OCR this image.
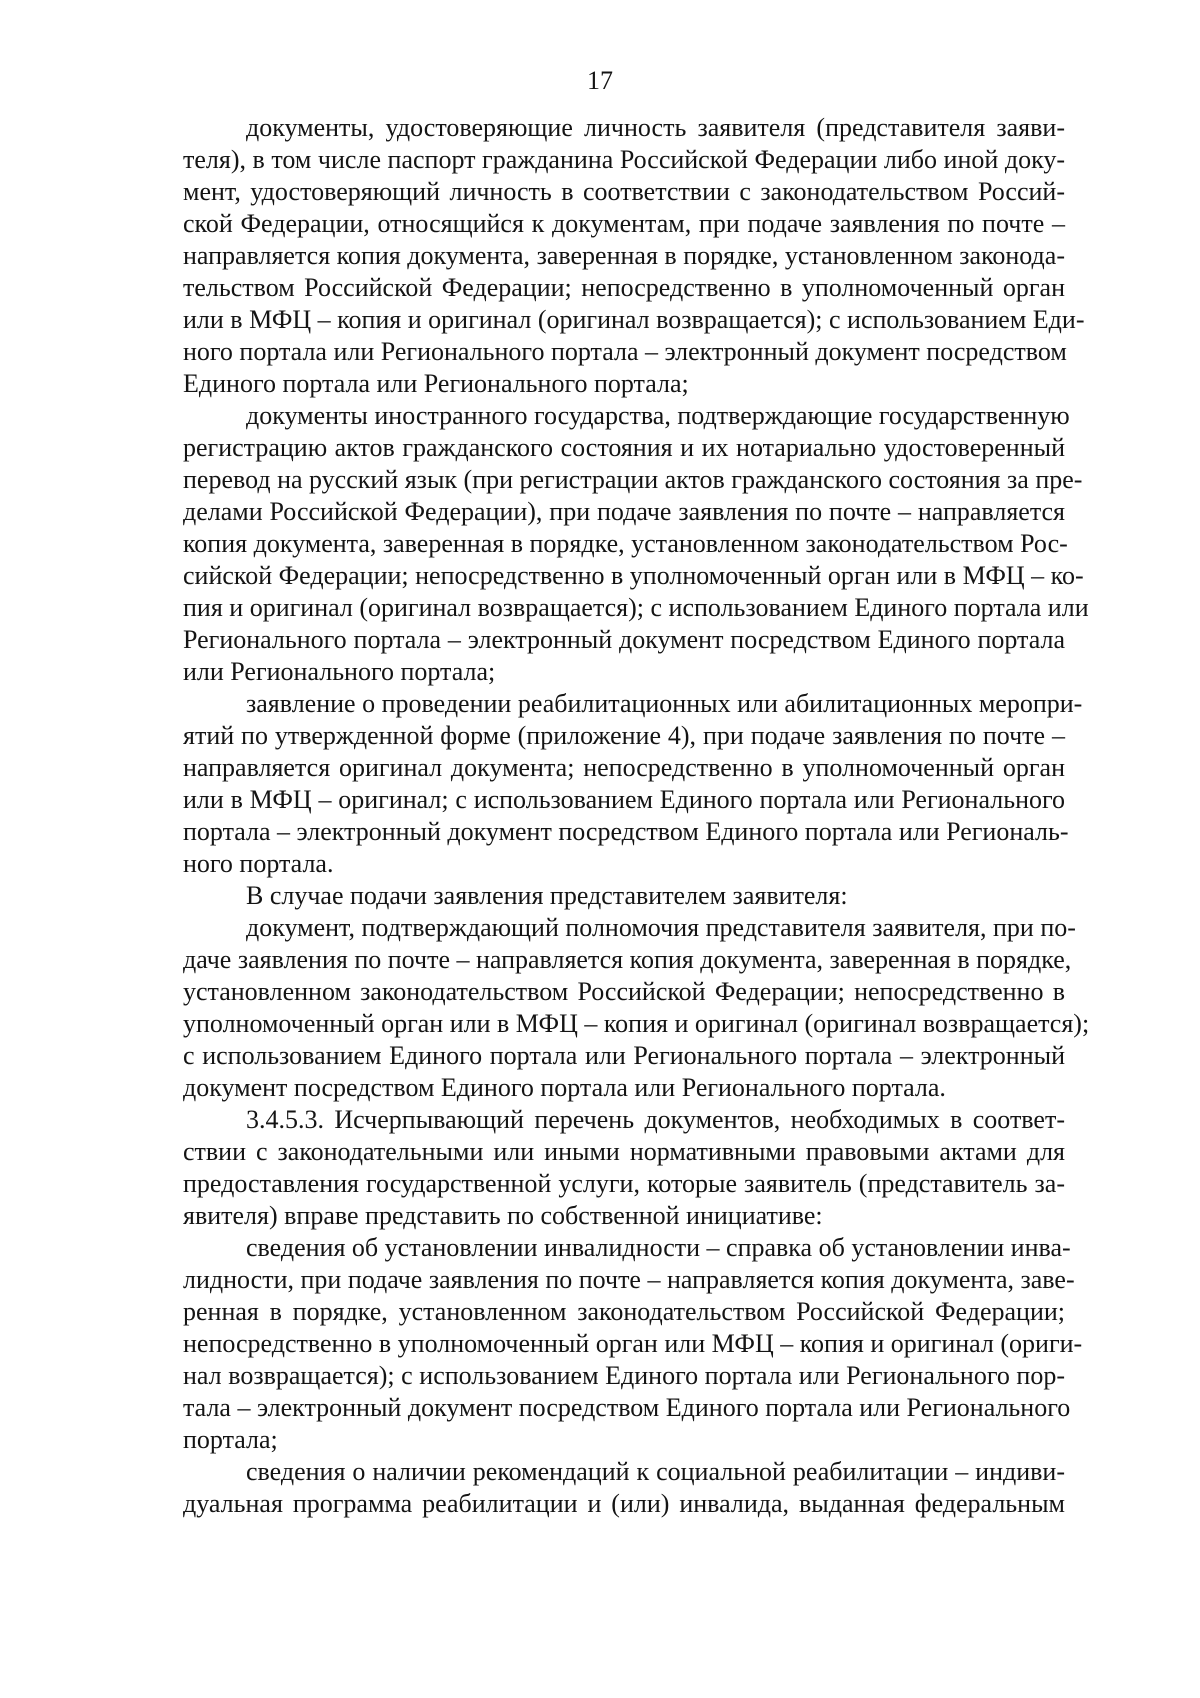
17
документы, удостоверяющие личность заявителя (представителя заяви-
теля), в том числе паспорт гражданина Российской Федерации либо иной доку-
мент, удостоверяющий личность в соответствии с законодательством Россий-
ской Федерации, относящийся к документам, при подаче заявления по почте –
направляется копия документа, заверенная в порядке, установленном законода-
тельством Российской Федерации; непосредственно в уполномоченный орган
или в МФЦ – копия и оригинал (оригинал возвращается); с использованием Еди-
ного портала или Регионального портала – электронный документ посредством
Единого портала или Регионального портала;
документы иностранного государства, подтверждающие государственную
регистрацию актов гражданского состояния и их нотариально удостоверенный
перевод на русский язык (при регистрации актов гражданского состояния за пре-
делами Российской Федерации), при подаче заявления по почте – направляется
копия документа, заверенная в порядке, установленном законодательством Рос-
сийской Федерации; непосредственно в уполномоченный орган или в МФЦ – ко-
пия и оригинал (оригинал возвращается); с использованием Единого портала или
Регионального портала – электронный документ посредством Единого портала
или Регионального портала;
заявление о проведении реабилитационных или абилитационных меропри-
ятий по утвержденной форме (приложение 4), при подаче заявления по почте –
направляется оригинал документа; непосредственно в уполномоченный орган
или в МФЦ – оригинал; с использованием Единого портала или Регионального
портала – электронный документ посредством Единого портала или Региональ-
ного портала.
В случае подачи заявления представителем заявителя:
документ, подтверждающий полномочия представителя заявителя, при по-
даче заявления по почте – направляется копия документа, заверенная в порядке,
установленном законодательством Российской Федерации; непосредственно в
уполномоченный орган или в МФЦ – копия и оригинал (оригинал возвращается);
с использованием Единого портала или Регионального портала – электронный
документ посредством Единого портала или Регионального портала.
3.4.5.3. Исчерпывающий перечень документов, необходимых в соответ-
ствии с законодательными или иными нормативными правовыми актами для
предоставления государственной услуги, которые заявитель (представитель за-
явителя) вправе представить по собственной инициативе:
сведения об установлении инвалидности – справка об установлении инва-
лидности, при подаче заявления по почте – направляется копия документа, заве-
ренная в порядке, установленном законодательством Российской Федерации;
непосредственно в уполномоченный орган или МФЦ – копия и оригинал (ориги-
нал возвращается); с использованием Единого портала или Регионального пор-
тала – электронный документ посредством Единого портала или Регионального
портала;
сведения о наличии рекомендаций к социальной реабилитации – индиви-
дуальная программа реабилитации и (или) инвалида, выданная федеральным
